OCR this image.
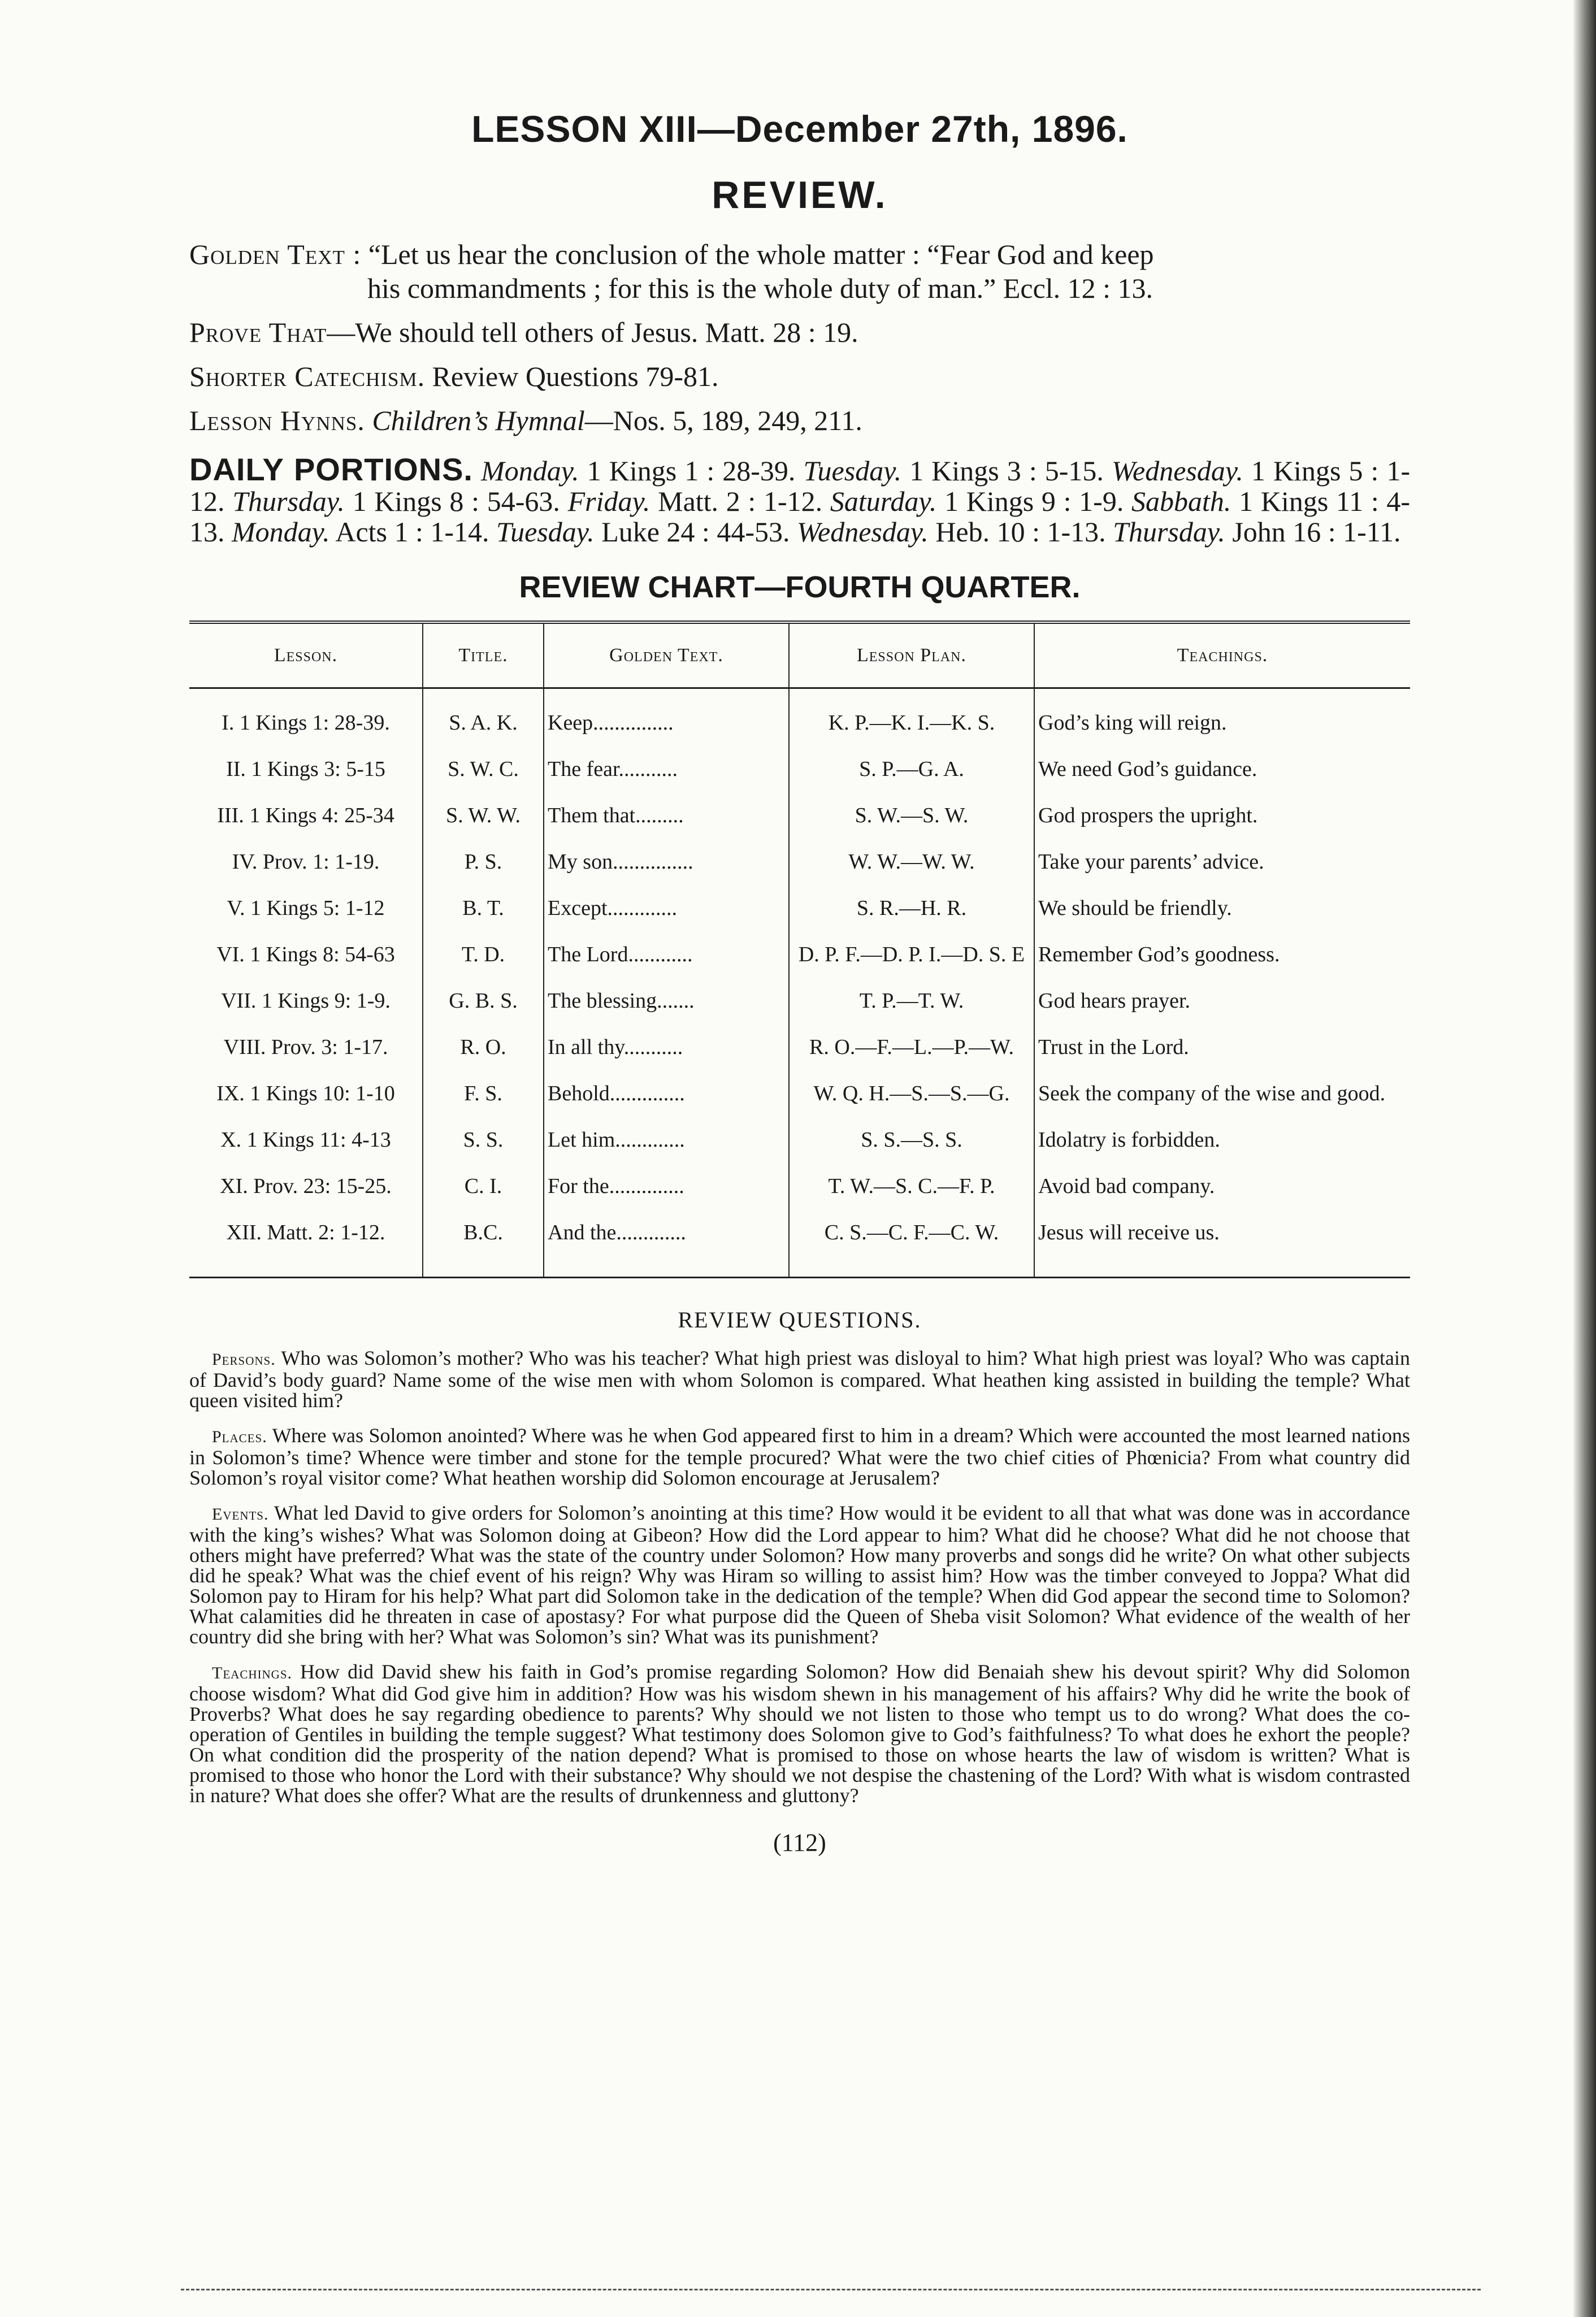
LESSON XIII—December 27th, 1896.
REVIEW.

Golden Text : “Let us hear the conclusion of the whole matter : “Fear God and keep
his commandments ; for this is the whole duty of man.” Eccl. 12 : 13.

Prove That—We should tell others of Jesus. Matt. 28 : 19.

Shorter Catechism. Review Questions 79-81.

Lesson Hynns. Children’s Hymnal—Nos. 5, 189, 249, 211.

DAILY PORTIONS. Monday. 1 Kings 1 : 28-39. Tuesday. 1 Kings 3 : 5-15. Wednesday. 1 Kings 5 : 1-12. Thursday. 1 Kings 8 : 54-63. Friday. Matt. 2 : 1-12. Saturday. 1 Kings 9 : 1-9. Sabbath. 1 Kings 11 : 4-13. Monday. Acts 1 : 1-14. Tuesday. Luke 24 : 44-53. Wednesday. Heb. 10 : 1-13. Thursday. John 16 : 1-11.
REVIEW CHART—FOURTH QUARTER.
Lesson.	Title.	Golden Text.	Lesson Plan.	Teachings.
I. 1 Kings 1: 28-39.	S. A. K.	Keep...............	K. P.—K. I.—K. S.	God’s king will reign.
II. 1 Kings 3: 5-15	S. W. C.	The fear...........	S. P.—G. A.	We need God’s guidance.
III. 1 Kings 4: 25-34	S. W. W.	Them that.........	S. W.—S. W.	God prospers the upright.
IV. Prov. 1: 1-19.	P. S.	My son...............	W. W.—W. W.	Take your parents’ advice.
V. 1 Kings 5: 1-12	B. T.	Except.............	S. R.—H. R.	We should be friendly.
VI. 1 Kings 8: 54-63	T. D.	The Lord............	D. P. F.—D. P. I.—D. S. E	Remember God’s goodness.
VII. 1 Kings 9: 1-9.	G. B. S.	The blessing.......	T. P.—T. W.	God hears prayer.
VIII. Prov. 3: 1-17.	R. O.	In all thy...........	R. O.—F.—L.—P.—W.	Trust in the Lord.
IX. 1 Kings 10: 1-10	F. S.	Behold..............	W. Q. H.—S.—S.—G.	Seek the company of the wise and good.
X. 1 Kings 11: 4-13	S. S.	Let him.............	S. S.—S. S.	Idolatry is forbidden.
XI. Prov. 23: 15-25.	C. I.	For the..............	T. W.—S. C.—F. P.	Avoid bad company.
XII. Matt. 2: 1-12.	B.C.	And the.............	C. S.—C. F.—C. W.	Jesus will receive us.
REVIEW QUESTIONS.

Persons. Who was Solomon’s mother? Who was his teacher? What high priest was disloyal to him? What high priest was loyal? Who was captain of David’s body guard? Name some of the wise men with whom Solomon is compared. What heathen king assisted in building the temple? What queen visited him?

Places. Where was Solomon anointed? Where was he when God appeared first to him in a dream? Which were accounted the most learned nations in Solomon’s time? Whence were timber and stone for the temple procured? What were the two chief cities of Phœnicia? From what country did Solomon’s royal visitor come? What heathen worship did Solomon encourage at Jerusalem?

Events. What led David to give orders for Solomon’s anointing at this time? How would it be evident to all that what was done was in accordance with the king’s wishes? What was Solomon doing at Gibeon? How did the Lord appear to him? What did he choose? What did he not choose that others might have preferred? What was the state of the country under Solomon? How many proverbs and songs did he write? On what other subjects did he speak? What was the chief event of his reign? Why was Hiram so willing to assist him? How was the timber conveyed to Joppa? What did Solomon pay to Hiram for his help? What part did Solomon take in the dedication of the temple? When did God appear the second time to Solomon? What calamities did he threaten in case of apostasy? For what purpose did the Queen of Sheba visit Solomon? What evidence of the wealth of her country did she bring with her? What was Solomon’s sin? What was its punishment?

Teachings. How did David shew his faith in God’s promise regarding Solomon? How did Benaiah shew his devout spirit? Why did Solomon choose wisdom? What did God give him in addition? How was his wisdom shewn in his management of his affairs? Why did he write the book of Proverbs? What does he say regarding obedience to parents? Why should we not listen to those who tempt us to do wrong? What does the co-operation of Gentiles in building the temple suggest? What testimony does Solomon give to God’s faithfulness? To what does he exhort the people? On what condition did the prosperity of the nation depend? What is promised to those on whose hearts the law of wisdom is written? What is promised to those who honor the Lord with their substance? Why should we not despise the chastening of the Lord? With what is wisdom contrasted in nature? What does she offer? What are the results of drunkenness and gluttony?

(112)
